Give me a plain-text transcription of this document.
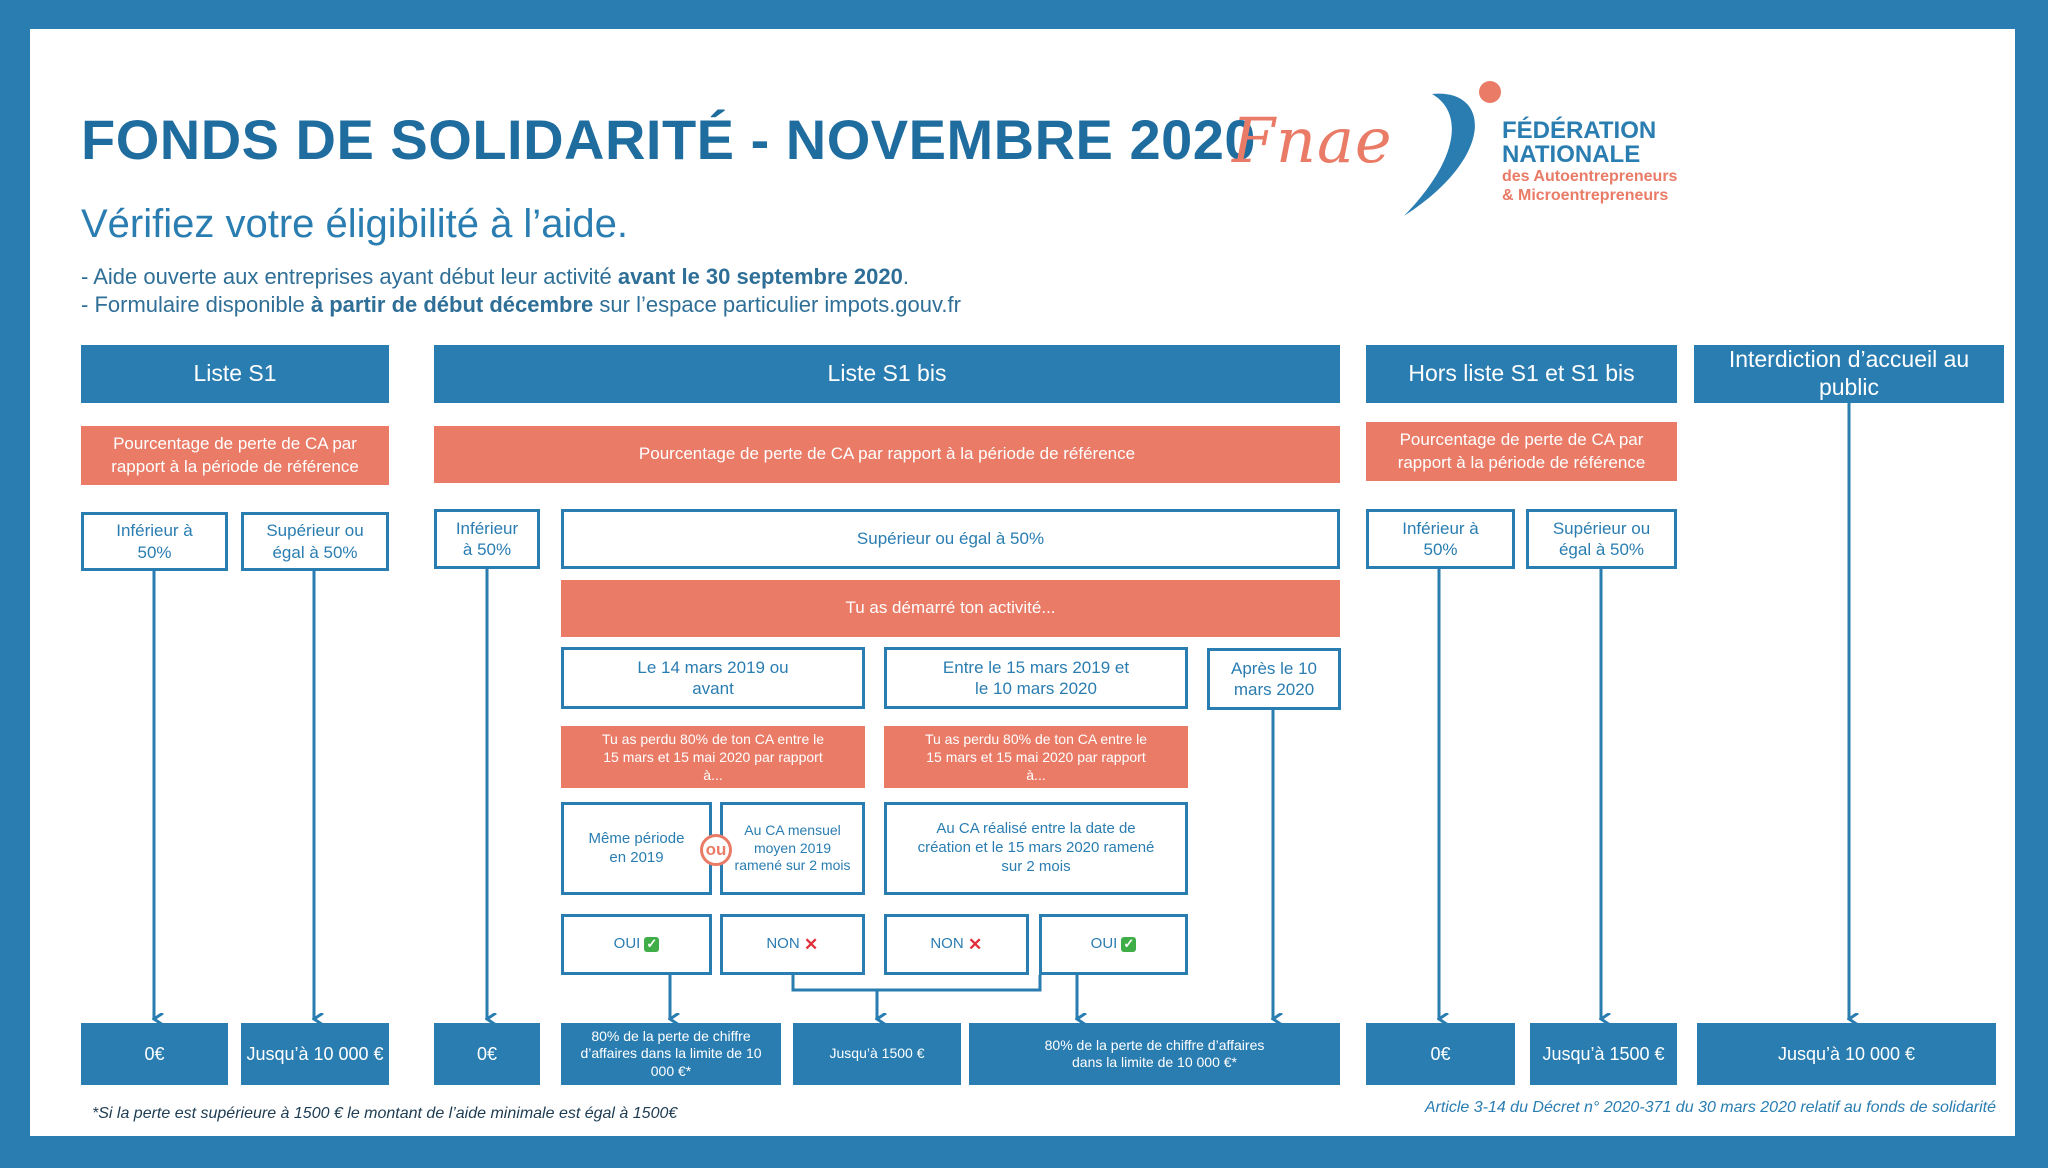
FONDS DE SOLIDARITÉ - NOVEMBRE 2020
Vérifiez votre éligibilité à l’aide.
- Aide ouverte aux entreprises ayant début leur activité avant le 30 septembre 2020.
- Formulaire disponible à partir de début décembre sur l’espace particulier impots.gouv.fr
Fnae	FÉDÉRATION
NATIONALE
des Autoentrepreneurs
& Microentrepreneurs
Liste S1	Liste S1 bis	Hors liste S1 et S1 bis
Interdiction d’accueil au public
Pourcentage de perte de CA par rapport à la période de référence
Pourcentage de perte de CA par rapport à la période de référence
Pourcentage de perte de CA par rapport à la période de référence
Inférieur à 50%
Supérieur ou égal à 50%
Inférieur à 50%
Supérieur ou égal à 50%
Inférieur à 50%
Supérieur ou égal à 50%
Tu as démarré ton activité...
Le 14 mars 2019 ou avant
Entre le 15 mars 2019 et le 10 mars 2020
Après le 10 mars 2020
Tu as perdu 80% de ton CA entre le 15 mars et 15 mai 2020 par rapport à...
Tu as perdu 80% de ton CA entre le 15 mars et 15 mai 2020 par rapport à...
Même période en 2019
Au CA mensuel moyen 2019 ramené sur 2 mois
ou
Au CA réalisé entre la date de création et le 15 mars 2020 ramené sur 2 mois
OUI ✓	NON ✕	NON ✕	OUI ✓
0€	Jusqu’à 10 000 €	0€
80% de la perte de chiffre d’affaires dans la limite de 10 000 €*
Jusqu’à 1500 €
80% de la perte de chiffre d’affaires dans la limite de 10 000 €*	0€	Jusqu’à 1500 €	Jusqu’à 10 000 €
*Si la perte est supérieure à 1500 € le montant de l’aide minimale est égal à 1500€	Article 3-14 du Décret n° 2020-371 du 30 mars 2020 relatif au fonds de solidarité
